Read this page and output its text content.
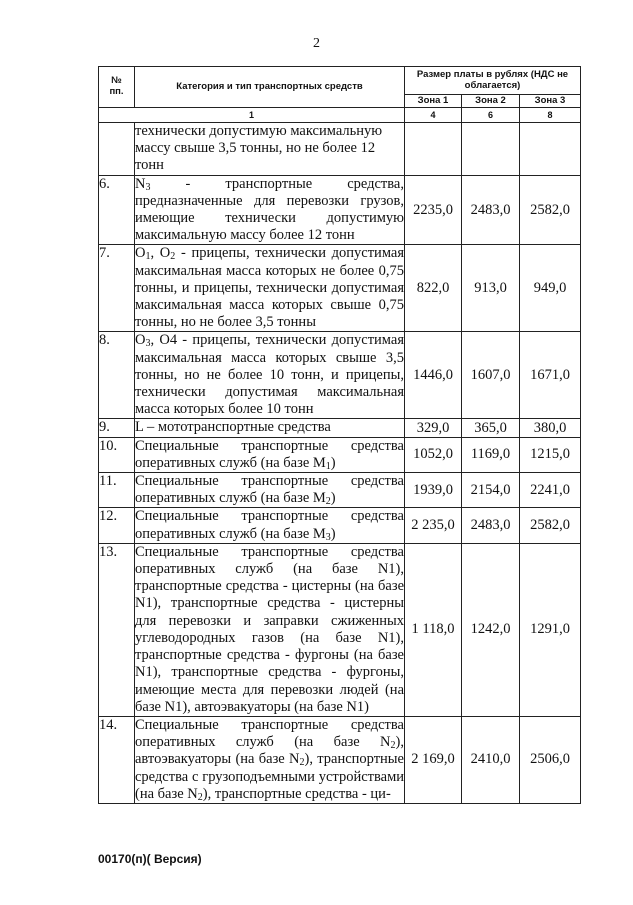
2
№ пп.	Категория и тип транспортных средств	Размер платы в рублях (НДС не облагается)		
		Зона 1	Зона 2	Зона 3
1		4	6	8
	технически допустимую максимальную массу свыше 3,5 тонны, но не более 12 тонн			
6.	$N_3$ - транспортные средства, предназначенные для перевозки грузов, имеющие технически допустимую максимальную массу более 12 тонн	2235,0	2483,0	2582,0
7.	$O_1$, $O_2$ - прицепы, технически допустимая максимальная масса которых не более 0,75 тонны, и прицепы, технически допустимая максимальная масса которых свыше 0,75 тонны, но не более 3,5 тонны	822,0	913,0	949,0
8.	$O_3$, O4 - прицепы, технически допустимая максимальная масса которых свыше 3,5 тонны, но не более 10 тонн, и прицепы, технически допустимая максимальная масса которых более 10 тонн	1446,0	1607,0	1671,0
9.	L – мототранспортные средства	329,0	365,0	380,0
10.	Специальные транспортные средства оперативных служб (на базе $M_1$)	1052,0	1169,0	1215,0
11.	Специальные транспортные средства оперативных служб (на базе $M_2$)	1939,0	2154,0	2241,0
12.	Специальные транспортные средства оперативных служб (на базе $M_3$)	2 235,0	2483,0	2582,0
13.	Специальные транспортные средства оперативных служб (на базе N1), транспортные средства - цистерны (на базе N1), транспортные средства - цистерны для перевозки и заправки сжиженных углеводородных газов (на базе N1), транспортные средства - фургоны (на базе N1), транспортные средства - фургоны, имеющие места для перевозки людей (на базе N1), автоэвакуаторы (на базе N1)	1 118,0	1242,0	1291,0
14.	Специальные транспортные средства оперативных служб (на базе $N_2$), автоэвакуаторы (на базе $N_2$), транспортные средства с грузоподъемными устройствами (на базе $N_2$), транспортные средства - ци-	2 169,0	2410,0	2506,0
00170(п)( Версия)
